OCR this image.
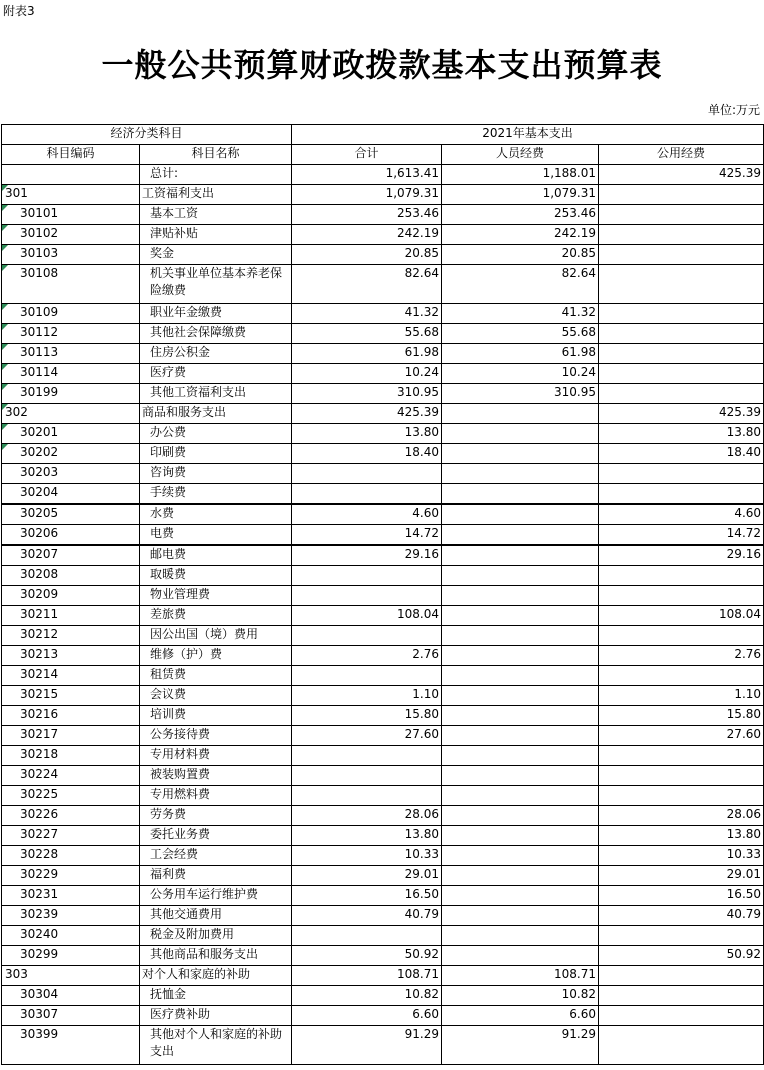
附表3
一般公共预算财政拨款基本支出预算表
单位:万元
经济分类科目		2021年基本支出		
科目编码	科目名称	合计	人员经费	公用经费
	总计:	1,613.41	1,188.01	425.39
301	工资福利支出	1,079.31	1,079.31	
30101	基本工资	253.46	253.46	
30102	津贴补贴	242.19	242.19	
30103	奖金	20.85	20.85	
30108	机关事业单位基本养老保险缴费	82.64	82.64	
30109	职业年金缴费	41.32	41.32	
30112	其他社会保障缴费	55.68	55.68	
30113	住房公积金	61.98	61.98	
30114	医疗费	10.24	10.24	
30199	其他工资福利支出	310.95	310.95	
302	商品和服务支出	425.39		425.39
30201	办公费	13.80		13.80
30202	印刷费	18.40		18.40
30203	咨询费			
30204	手续费			
30205	水费	4.60		4.60
30206	电费	14.72		14.72
30207	邮电费	29.16		29.16
30208	取暖费			
30209	物业管理费			
30211	差旅费	108.04		108.04
30212	因公出国（境）费用			
30213	维修（护）费	2.76		2.76
30214	租赁费			
30215	会议费	1.10		1.10
30216	培训费	15.80		15.80
30217	公务接待费	27.60		27.60
30218	专用材料费			
30224	被装购置费			
30225	专用燃料费			
30226	劳务费	28.06		28.06
30227	委托业务费	13.80		13.80
30228	工会经费	10.33		10.33
30229	福利费	29.01		29.01
30231	公务用车运行维护费	16.50		16.50
30239	其他交通费用	40.79		40.79
30240	税金及附加费用			
30299	其他商品和服务支出	50.92		50.92
303	对个人和家庭的补助	108.71	108.71	
30304	抚恤金	10.82	10.82	
30307	医疗费补助	6.60	6.60	
30399	其他对个人和家庭的补助支出	91.29	91.29	
